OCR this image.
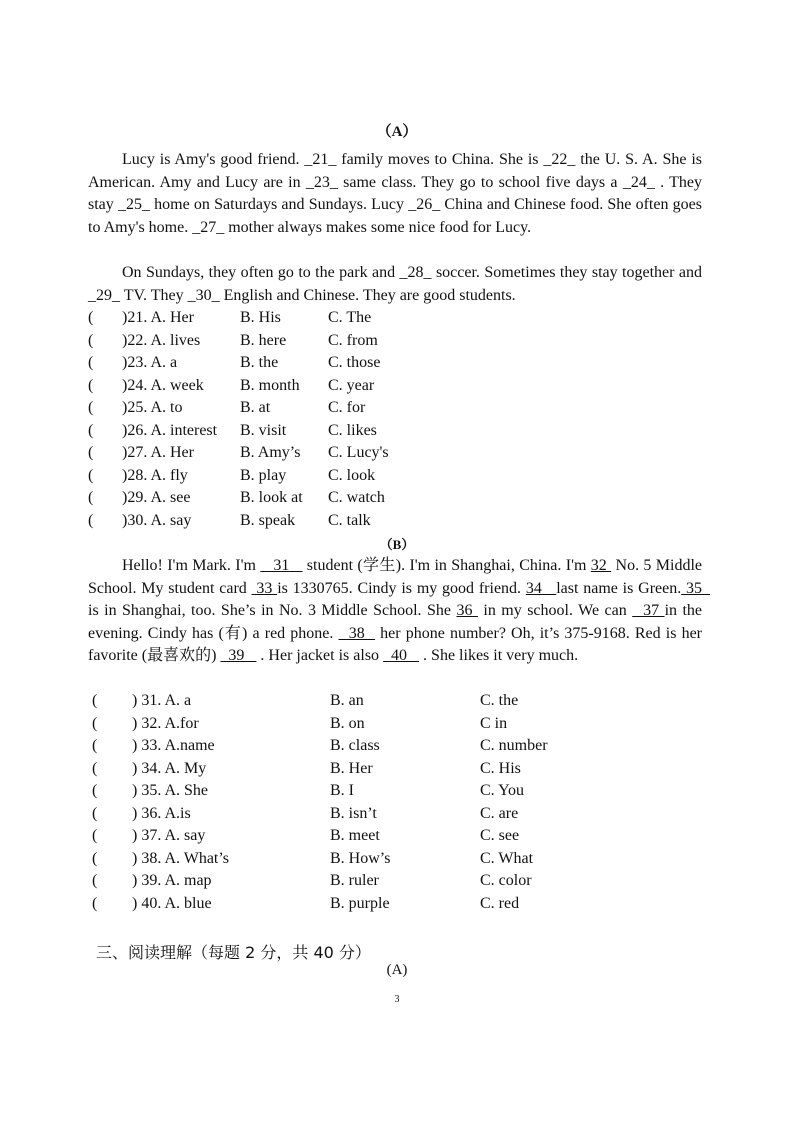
（A）

Lucy is Amy's good friend. _21_ family moves to China. She is _22_ the U. S. A. She is American. Amy and Lucy are in _23_ same class. They go to school five days a _24_ . They stay _25_ home on Saturdays and Sundays. Lucy _26_ China and Chinese food. She often goes to Amy's home. _27_ mother always makes some nice food for Lucy.

On Sundays, they often go to the park and _28_ soccer. Sometimes they stay together and _29_ TV. They _30_ English and Chinese. They are good students.

( )21. A. Her	B. His	C. The
( )22. A. lives B. here	C. from
( )23. A. a	B. the	C. those
( )24. A. week B. month C. year
( )25. A. to	B. at	C. for
( )26. A. interest B. visit	C. likes
( )27. A. Her	B. Amy’s C. Lucy's
( )28. A. fly	B. play	C. look
( )29. A. see	B. look at C. watch
( )30. A. say	B. speak C. talk
（B）

Hello! I'm Mark. I'm    31    student (学生). I'm in Shanghai, China. I'm 32  No. 5 Middle School. My student card  33 is 1330765. Cindy is my good friend. 34   last name is Green. 35   is in Shanghai, too. She’s in No. 3 Middle School. She 36  in my school. We can   37 in the evening. Cindy has (有) a red phone.   38   her phone number? Oh, it’s 375-9168. Red is her favorite (最喜欢的)   39    . Her jacket is also   40    . She likes it very much.

( ) 31. A. a	B. an	C. the
( ) 32. A.for	B. on	C in
( ) 33. A.name	B. class	C. number
( ) 34. A. My	B. Her	C. His
( ) 35. A. She	B. I	C. You
( ) 36. A.is	B. isn’t	C. are
( ) 37. A. say	B. meet	C. see
( ) 38. A. What’s	B. How’s	C. What
( ) 39. A. map	B. ruler	C. color
( ) 40. A. blue	B. purple	C. red
三、阅读理解（每题 2 分，共 40 分）
(A)
3
